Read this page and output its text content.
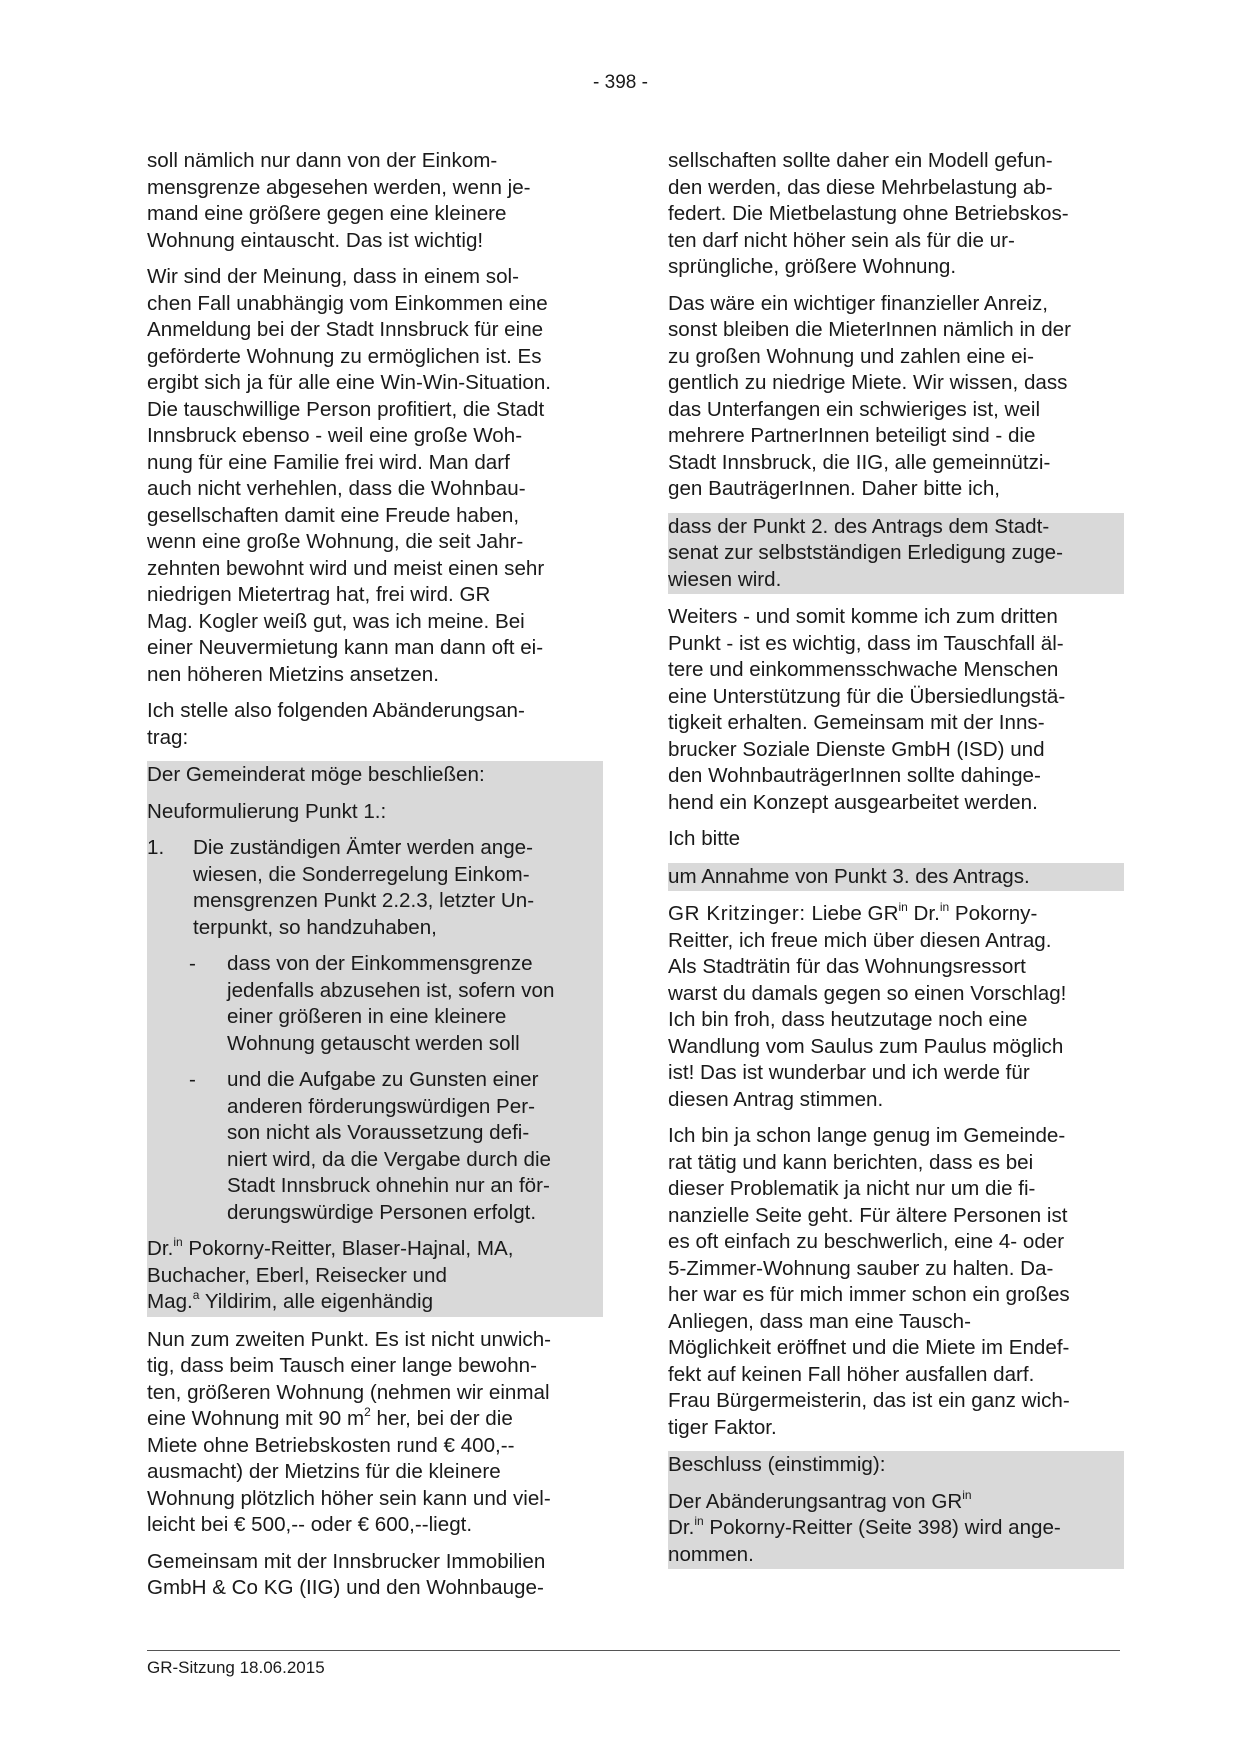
- 398 -

soll nämlich nur dann von der Einkom-
mensgrenze abgesehen werden, wenn je-
mand eine größere gegen eine kleinere
Wohnung eintauscht. Das ist wichtig!

Wir sind der Meinung, dass in einem sol-
chen Fall unabhängig vom Einkommen eine
Anmeldung bei der Stadt Innsbruck für eine
geförderte Wohnung zu ermöglichen ist. Es
ergibt sich ja für alle eine Win-Win-Situation.
Die tauschwillige Person profitiert, die Stadt
Innsbruck ebenso - weil eine große Woh-
nung für eine Familie frei wird. Man darf
auch nicht verhehlen, dass die Wohnbau-
gesellschaften damit eine Freude haben,
wenn eine große Wohnung, die seit Jahr-
zehnten bewohnt wird und meist einen sehr
niedrigen Mietertrag hat, frei wird. GR
Mag. Kogler weiß gut, was ich meine. Bei
einer Neuvermietung kann man dann oft ei-
nen höheren Mietzins ansetzen.

Ich stelle also folgenden Abänderungsan-
trag:

Der Gemeinderat möge beschließen:

Neuformulierung Punkt 1.:

1.	Die zuständigen Ämter werden ange-
wiesen, die Sonderregelung Einkom-
mensgrenzen Punkt 2.2.3, letzter Un-
terpunkt, so handzuhaben,
-	dass von der Einkommensgrenze
jedenfalls abzusehen ist, sofern von
einer größeren in eine kleinere
Wohnung getauscht werden soll
-	und die Aufgabe zu Gunsten einer
anderen förderungswürdigen Per-
son nicht als Voraussetzung defi-
niert wird, da die Vergabe durch die
Stadt Innsbruck ohnehin nur an för-
derungswürdige Personen erfolgt.

Dr.$^{in}$ Pokorny-Reitter, Blaser-Hajnal, MA,
Buchacher, Eberl, Reisecker und
Mag.$^a$ Yildirim, alle eigenhändig

Nun zum zweiten Punkt. Es ist nicht unwich-
tig, dass beim Tausch einer lange bewohn-
ten, größeren Wohnung (nehmen wir einmal
eine Wohnung mit 90 $m^2$ her, bei der die
Miete ohne Betriebskosten rund € 400,--
ausmacht) der Mietzins für die kleinere
Wohnung plötzlich höher sein kann und viel-
leicht bei € 500,-- oder € 600,--liegt.

Gemeinsam mit der Innsbrucker Immobilien
GmbH & Co KG (IIG) und den Wohnbauge-

sellschaften sollte daher ein Modell gefun-
den werden, das diese Mehrbelastung ab-
federt. Die Mietbelastung ohne Betriebskos-
ten darf nicht höher sein als für die ur-
sprüngliche, größere Wohnung.

Das wäre ein wichtiger finanzieller Anreiz,
sonst bleiben die MieterInnen nämlich in der
zu großen Wohnung und zahlen eine ei-
gentlich zu niedrige Miete. Wir wissen, dass
das Unterfangen ein schwieriges ist, weil
mehrere PartnerInnen beteiligt sind - die
Stadt Innsbruck, die IIG, alle gemeinnützi-
gen BauträgerInnen. Daher bitte ich,

dass der Punkt 2. des Antrags dem Stadt-
senat zur selbstständigen Erledigung zuge-
wiesen wird.

Weiters - und somit komme ich zum dritten
Punkt - ist es wichtig, dass im Tauschfall äl-
tere und einkommensschwache Menschen
eine Unterstützung für die Übersiedlungstä-
tigkeit erhalten. Gemeinsam mit der Inns-
brucker Soziale Dienste GmbH (ISD) und
den WohnbauträgerInnen sollte dahinge-
hend ein Konzept ausgearbeitet werden.

Ich bitte

um Annahme von Punkt 3. des Antrags.

GR Kritzinger: Liebe $GR^{in}$ Dr.$^{in}$ Pokorny-
Reitter, ich freue mich über diesen Antrag.
Als Stadträtin für das Wohnungsressort
warst du damals gegen so einen Vorschlag!
Ich bin froh, dass heutzutage noch eine
Wandlung vom Saulus zum Paulus möglich
ist! Das ist wunderbar und ich werde für
diesen Antrag stimmen.

Ich bin ja schon lange genug im Gemeinde-
rat tätig und kann berichten, dass es bei
dieser Problematik ja nicht nur um die fi-
nanzielle Seite geht. Für ältere Personen ist
es oft einfach zu beschwerlich, eine 4- oder
5-Zimmer-Wohnung sauber zu halten. Da-
her war es für mich immer schon ein großes
Anliegen, dass man eine Tausch-
Möglichkeit eröffnet und die Miete im Endef-
fekt auf keinen Fall höher ausfallen darf.
Frau Bürgermeisterin, das ist ein ganz wich-
tiger Faktor.

Beschluss (einstimmig):

Der Abänderungsantrag von $GR^{in}$
Dr.$^{in}$ Pokorny-Reitter (Seite 398) wird ange-
nommen.

GR-Sitzung 18.06.2015
